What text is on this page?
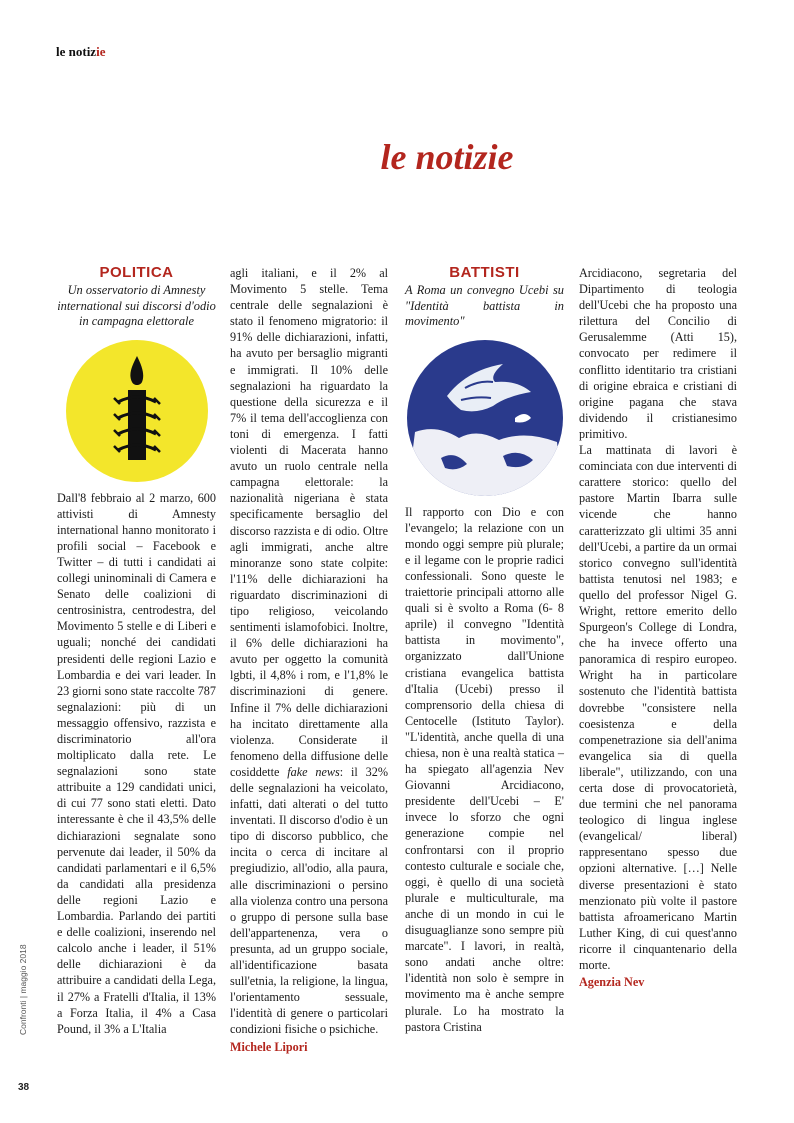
le notizie
le notizie
POLITICA
Un osservatorio di Amnesty international sui discorsi d'odio in campagna elettorale

Dall'8 febbraio al 2 marzo, 600 attivisti di Amnesty international hanno monitorato i profili social – Facebook e Twitter – di tutti i candidati ai collegi uninominali di Camera e Senato delle coalizioni di centrosinistra, centrodestra, del Movimento 5 stelle e di Liberi e uguali; nonché dei candidati presidenti delle regioni Lazio e Lombardia e dei vari leader. In 23 giorni sono state raccolte 787 segnalazioni: più di un messaggio offensivo, razzista e discriminatorio all'ora moltiplicato dalla rete. Le segnalazioni sono state attribuite a 129 candidati unici, di cui 77 sono stati eletti. Dato interessante è che il 43,5% delle dichiarazioni segnalate sono pervenute dai leader, il 50% da candidati parlamentari e il 6,5% da candidati alla presidenza delle regioni Lazio e Lombardia. Parlando dei partiti e delle coalizioni, inserendo nel calcolo anche i leader, il 51% delle dichiarazioni è da attribuire a candidati della Lega, il 27% a Fratelli d'Italia, il 13% a Forza Italia, il 4% a Casa Pound, il 3% a L'Italia

agli italiani, e il 2% al Movimento 5 stelle. Tema centrale delle segnalazioni è stato il fenomeno migratorio: il 91% delle dichiarazioni, infatti, ha avuto per bersaglio migranti e immigrati. Il 10% delle segnalazioni ha riguardato la questione della sicurezza e il 7% il tema dell'accoglienza con toni di emergenza. I fatti violenti di Macerata hanno avuto un ruolo centrale nella campagna elettorale: la nazionalità nigeriana è stata specificamente bersaglio del discorso razzista e di odio. Oltre agli immigrati, anche altre minoranze sono state colpite: l'11% delle dichiarazioni ha riguardato discriminazioni di tipo religioso, veicolando sentimenti islamofobici. Inoltre, il 6% delle dichiarazioni ha avuto per oggetto la comunità lgbti, il 4,8% i rom, e l'1,8% le discriminazioni di genere. Infine il 7% delle dichiarazioni ha incitato direttamente alla violenza. Considerate il fenomeno della diffusione delle cosiddette fake news: il 32% delle segnalazioni ha veicolato, infatti, dati alterati o del tutto inventati. Il discorso d'odio è un tipo di discorso pubblico, che incita o cerca di incitare al pregiudizio, all'odio, alla paura, alle discriminazioni o persino alla violenza contro una persona o gruppo di persone sulla base dell'appartenenza, vera o presunta, ad un gruppo sociale, all'identificazione basata sull'etnia, la religione, la lingua, l'orientamento sessuale, l'identità di genere o particolari condizioni fisiche o psichiche.

Michele Lipori
BATTISTI
A Roma un convegno Ucebi su "Identità battista in movimento"

Il rapporto con Dio e con l'evangelo; la relazione con un mondo oggi sempre più plurale; e il legame con le proprie radici confessionali. Sono queste le traiettorie principali attorno alle quali si è svolto a Roma (6- 8 aprile) il convegno "Identità battista in movimento", organizzato dall'Unione cristiana evangelica battista d'Italia (Ucebi) presso il comprensorio della chiesa di Centocelle (Istituto Taylor). "L'identità, anche quella di una chiesa, non è una realtà statica – ha spiegato all'agenzia Nev Giovanni Arcidiacono, presidente dell'Ucebi – E' invece lo sforzo che ogni generazione compie nel confrontarsi con il proprio contesto culturale e sociale che, oggi, è quello di una società plurale e multiculturale, ma anche di un mondo in cui le disuguaglianze sono sempre più marcate". I lavori, in realtà, sono andati anche oltre: l'identità non solo è sempre in movimento ma è anche sempre plurale. Lo ha mostrato la pastora Cristina

Arcidiacono, segretaria del Dipartimento di teologia dell'Ucebi che ha proposto una rilettura del Concilio di Gerusalemme (Atti 15), convocato per redimere il conflitto identitario tra cristiani di origine ebraica e cristiani di origine pagana che stava dividendo il cristianesimo primitivo.

La mattinata di lavori è cominciata con due interventi di carattere storico: quello del pastore Martin Ibarra sulle vicende che hanno caratterizzato gli ultimi 35 anni dell'Ucebi, a partire da un ormai storico convegno sull'identità battista tenutosi nel 1983; e quello del professor Nigel G. Wright, rettore emerito dello Spurgeon's College di Londra, che ha invece offerto una panoramica di respiro europeo. Wright ha in particolare sostenuto che l'identità battista dovrebbe "consistere nella coesistenza e della compenetrazione sia dell'anima evangelica sia di quella liberale", utilizzando, con una certa dose di provocatorietà, due termini che nel panorama teologico di lingua inglese (evangelical/ liberal) rappresentano spesso due opzioni alternative. […] Nelle diverse presentazioni è stato menzionato più volte il pastore battista afroamericano Martin Luther King, di cui quest'anno ricorre il cinquantenario della morte.

Agenzia Nev
Confronti | maggio 2018
38
